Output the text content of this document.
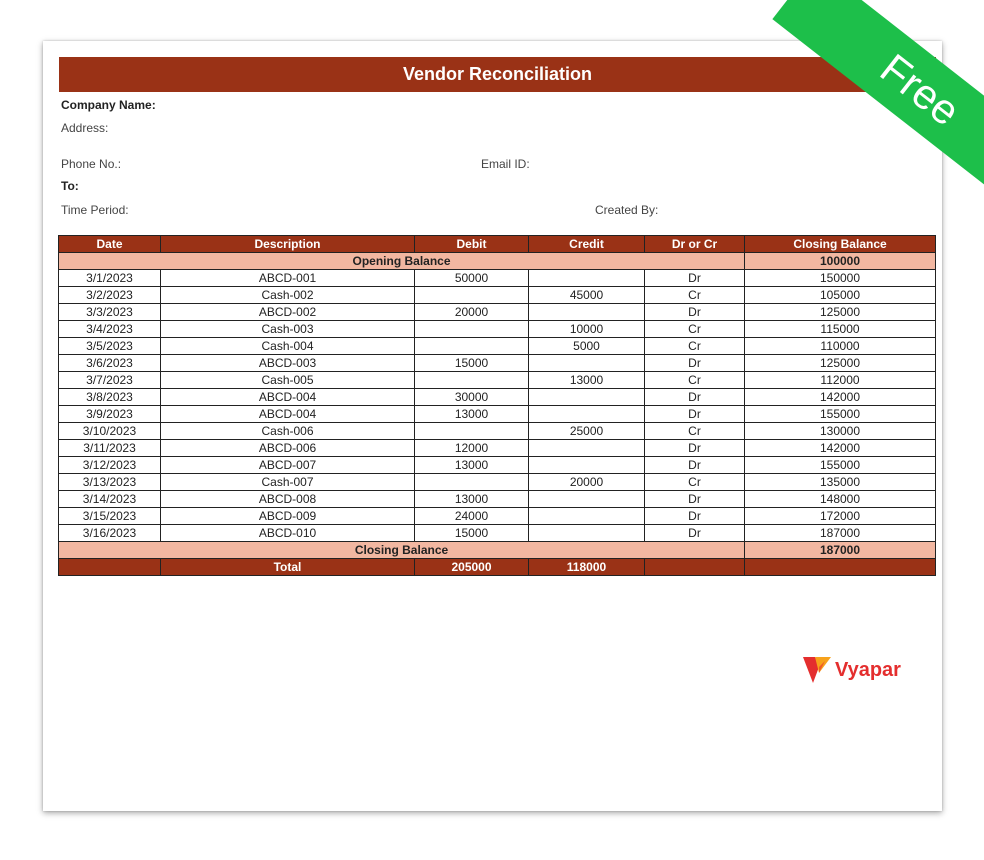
Vendor Reconciliation
Company Name:
Address:
Phone No.:	Email ID:
To:
Time Period:	Created By:
Date	Description	Debit	Credit	Dr or Cr	Closing Balance
Opening Balance					100000
3/1/2023	ABCD-001	50000		Dr	150000
3/2/2023	Cash-002		45000	Cr	105000
3/3/2023	ABCD-002	20000		Dr	125000
3/4/2023	Cash-003		10000	Cr	115000
3/5/2023	Cash-004		5000	Cr	110000
3/6/2023	ABCD-003	15000		Dr	125000
3/7/2023	Cash-005		13000	Cr	112000
3/8/2023	ABCD-004	30000		Dr	142000
3/9/2023	ABCD-004	13000		Dr	155000
3/10/2023	Cash-006		25000	Cr	130000
3/11/2023	ABCD-006	12000		Dr	142000
3/12/2023	ABCD-007	13000		Dr	155000
3/13/2023	Cash-007		20000	Cr	135000
3/14/2023	ABCD-008	13000		Dr	148000
3/15/2023	ABCD-009	24000		Dr	172000
3/16/2023	ABCD-010	15000		Dr	187000
Closing Balance					187000
	Total	205000	118000		
Vyapar
Free
